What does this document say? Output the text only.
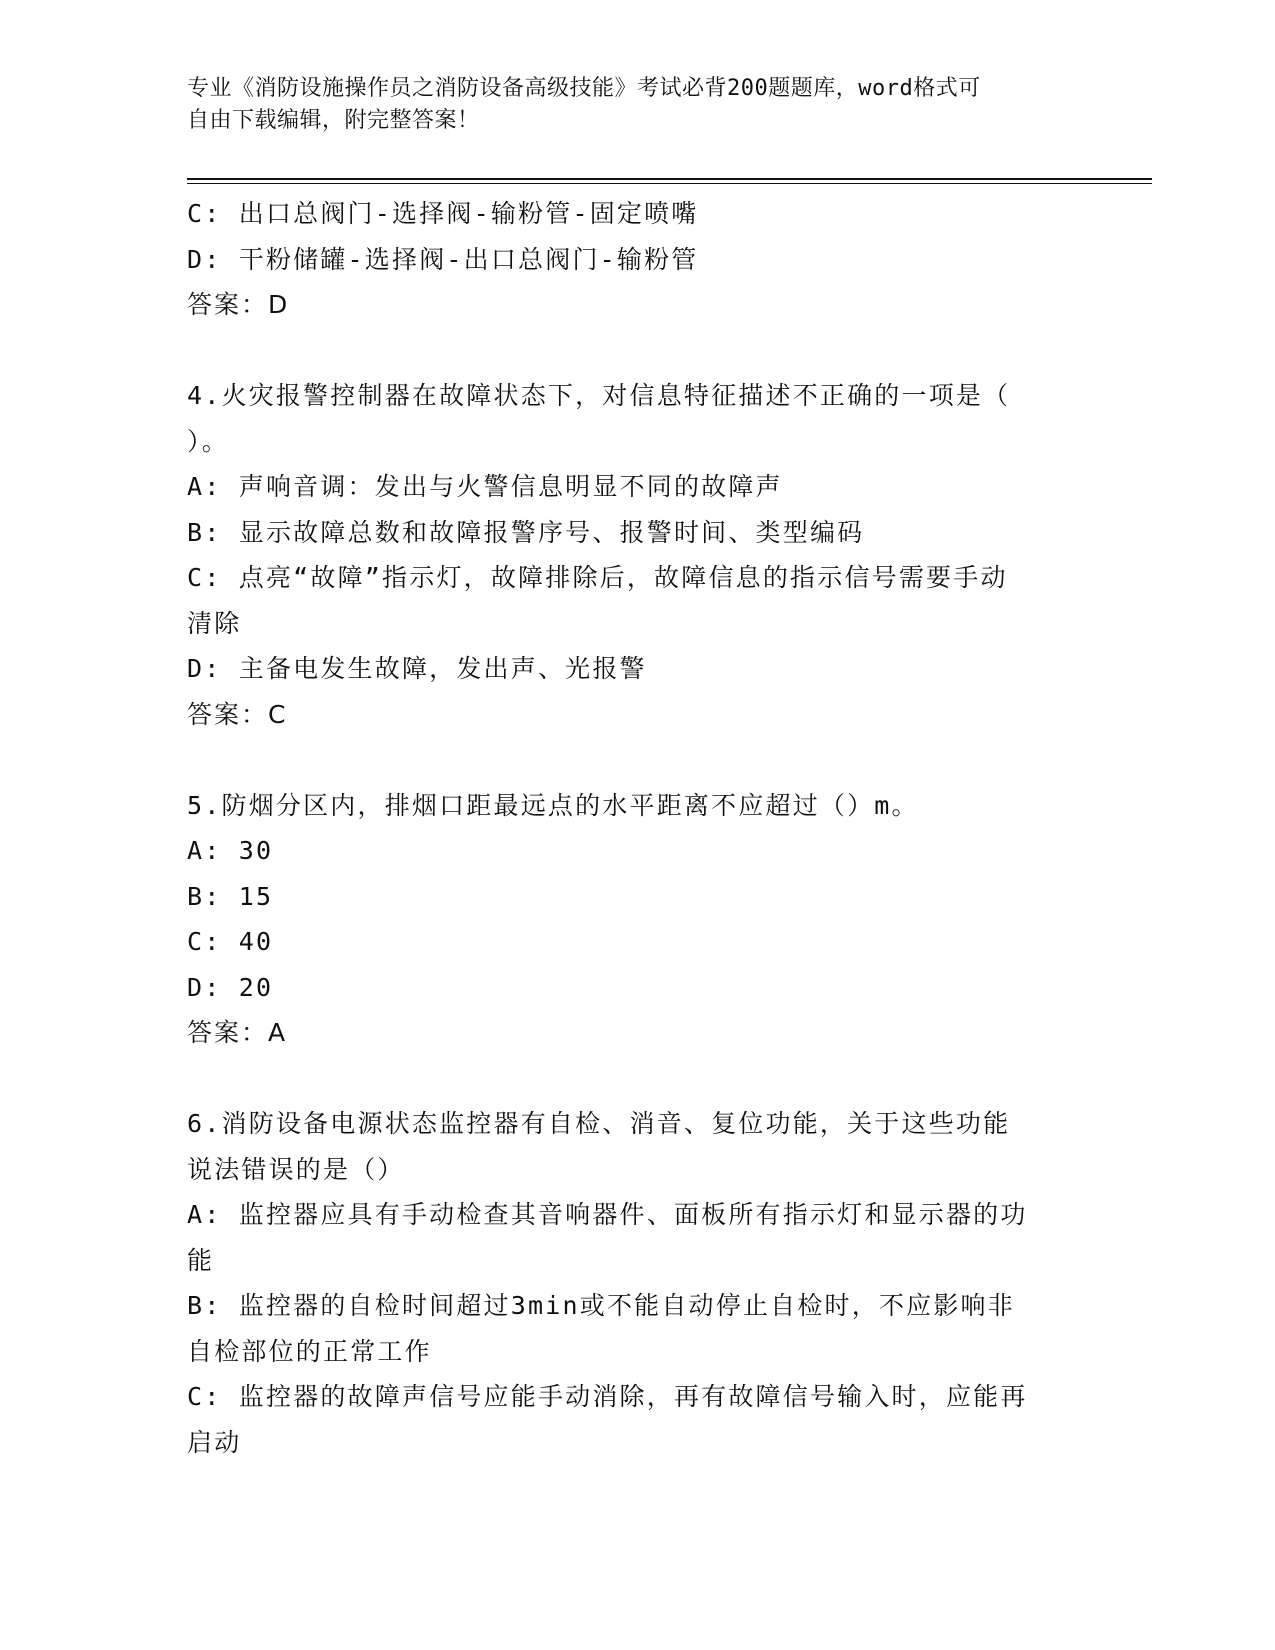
专业《消防设施操作员之消防设备高级技能》考试必背200题题库，word格式可
自由下载编辑，附完整答案！
C: 出口总阀门-选择阀-输粉管-固定喷嘴
D: 干粉储罐-选择阀-出口总阀门-输粉管
答案：D
4.火灾报警控制器在故障状态下，对信息特征描述不正确的一项是（
）。
A: 声响音调：发出与火警信息明显不同的故障声
B: 显示故障总数和故障报警序号、报警时间、类型编码
C: 点亮“故障”指示灯，故障排除后，故障信息的指示信号需要手动
清除
D: 主备电发生故障，发出声、光报警
答案：C
5.防烟分区内，排烟口距最远点的水平距离不应超过（）m。
A: 30
B: 15
C: 40
D: 20
答案：A
6.消防设备电源状态监控器有自检、消音、复位功能，关于这些功能
说法错误的是（）
A: 监控器应具有手动检查其音响器件、面板所有指示灯和显示器的功
能
B: 监控器的自检时间超过3min或不能自动停止自检时，不应影响非
自检部位的正常工作
C: 监控器的故障声信号应能手动消除，再有故障信号输入时，应能再
启动
